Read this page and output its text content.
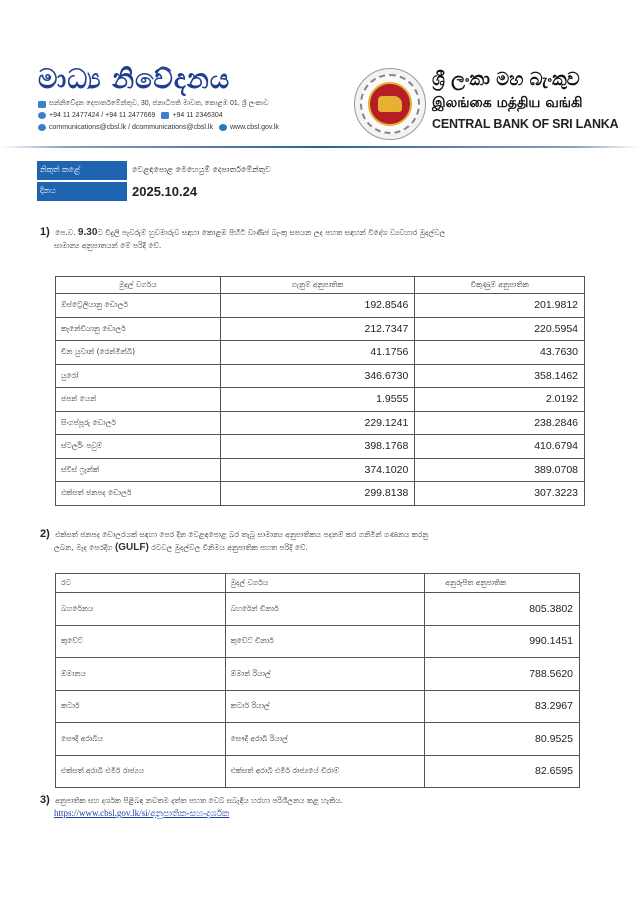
මාධ්‍ය නිවේදනය
සන්නිවේදන දෙපාර්තමේන්තුව, 30, ජනාධිපති මාවත, කොළඹ 01, ශ්‍රී ලංකාව
+94 11 2477424 / +94 11 2477669 +94 11 2346304
communications@cbsl.lk / dcommunications@cbsl.lk www.cbsl.gov.lk
ශ්‍රී ලංකා මහ බැංකුව
இலங்கை மத்திய வங்கி
CENTRAL BANK OF SRI LANKA
නිකුත් කළේ	වෙළඳපොළ මෙහෙයුම් දෙපාර්තමේන්තුව
දිනය	2025.10.24
1) පෙ.ව. 9.30ට විදුලි පැවරුම් හුවමාරුව සඳහා කොළඹ පිහිටි වාණිජ බැංකු සපයන ලද පහත සඳහන් විදේශ ව්‍යවහාර මුදල්වල
සාමාන්‍ය අනුපාතයන් මේ පරිදි වේ.
මුදල් වර්ගය	ගැනුම් අනුපාතික	විකුණුම් අනුපාතික
ඕස්ට්‍රේලියානු ඩොලර්	192.8546	201.9812
කැනේඩියානු ඩොලර්	212.7347	220.5954
චීන යුවාන් (රෙන්මින්බි)	41.1756	43.7630
යුරෝ	346.6730	358.1462
ජපන් යෙන්	1.9555	2.0192
සිංගප්පූරු ඩොලර්	229.1241	238.2846
ස්ටර්ලිං පවුම්	398.1768	410.6794
ස්විස් ෆ්‍රෑන්ක්	374.1020	389.0708
එක්සත් ජනපද ඩොලර්	299.8138	307.3223
2) එක්සත් ජනපද ඩොලරයක් සඳහා පෙර දින වෙළඳපොළ බර තැබූ සාමාන්‍ය අනුපාතිකය පදනම් කර ගනිමින් ගණනය කරනු
ලබන, මැද පෙරදිග (GULF) රටවල මුදල්වල විනිමය අනුපාතික පහත පරිදි වේ.
රට	මුදල් වර්ගය	අනුරූපිත අනුපාතික
බහරේනය	බහරේන් ඩිනාර්	805.3802
කුවේට්	කුවේට් ඩිනාර්	990.1451
ඕමානය	ඕමාන් රියාල්	788.5620
කටාර්	කටාර් රියාල්	83.2967
සෞදි අරාබිය	සෞදි අරාබි රියාල්	80.9525
එක්සත් අරාබි එමීර් රාජ්‍යය	එක්සත් අරාබි එමීර් රාජ්‍යයේ ඩිරාම්	82.6595
3) අනුපාතික සහ දර්ශක පිළිබඳ නවතම දත්ත පහත වෙබ් සබැඳිය හරහා පරිශීලනය කළ හැකිය.
https://www.cbsl.gov.lk/si/අනුපාතික-සහ-දර්ශක
